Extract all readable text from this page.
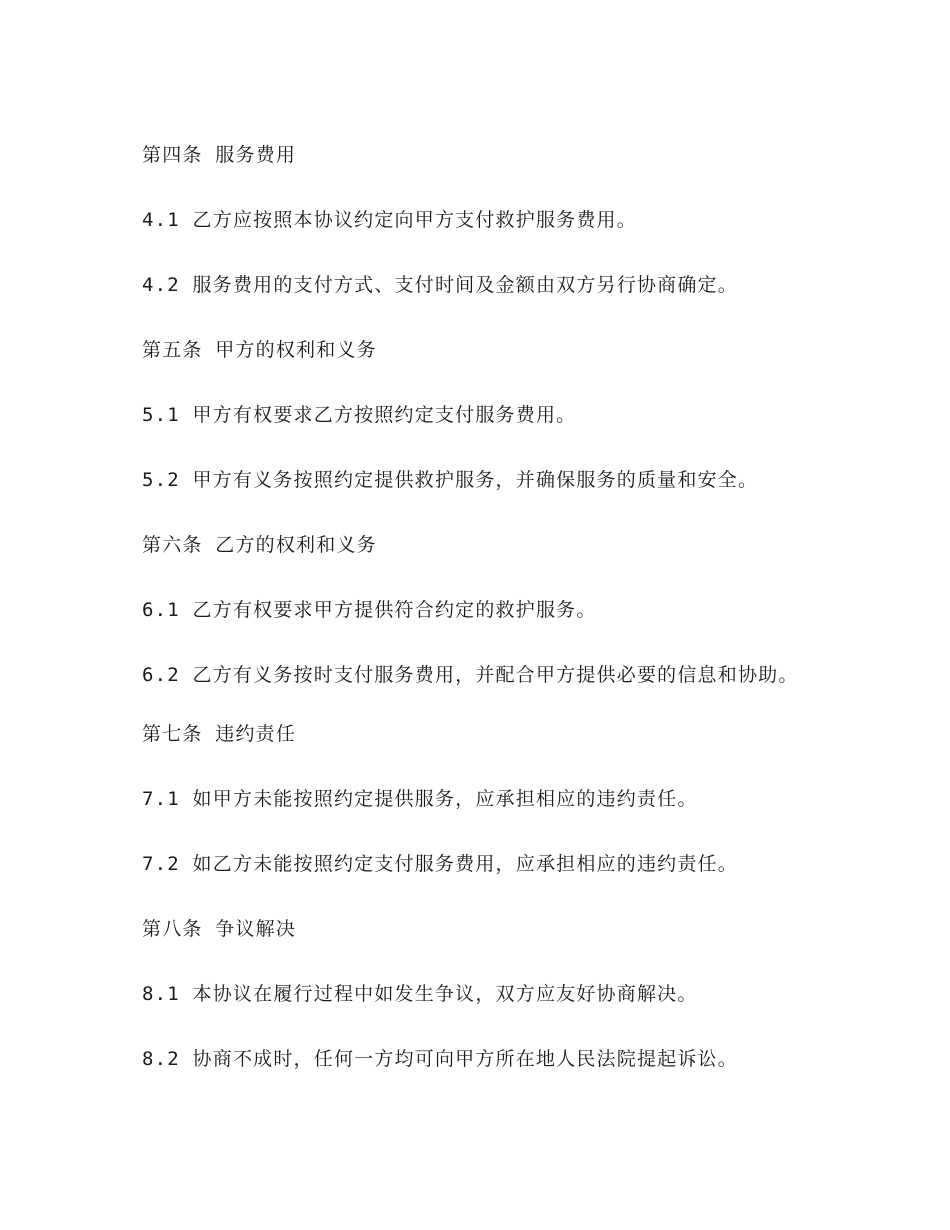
第四条 服务费用
4.1 乙方应按照本协议约定向甲方支付救护服务费用。
4.2 服务费用的支付方式、支付时间及金额由双方另行协商确定。
第五条 甲方的权利和义务
5.1 甲方有权要求乙方按照约定支付服务费用。
5.2 甲方有义务按照约定提供救护服务，并确保服务的质量和安全。
第六条 乙方的权利和义务
6.1 乙方有权要求甲方提供符合约定的救护服务。
6.2 乙方有义务按时支付服务费用，并配合甲方提供必要的信息和协助。
第七条 违约责任
7.1 如甲方未能按照约定提供服务，应承担相应的违约责任。
7.2 如乙方未能按照约定支付服务费用，应承担相应的违约责任。
第八条 争议解决
8.1 本协议在履行过程中如发生争议，双方应友好协商解决。
8.2 协商不成时，任何一方均可向甲方所在地人民法院提起诉讼。
